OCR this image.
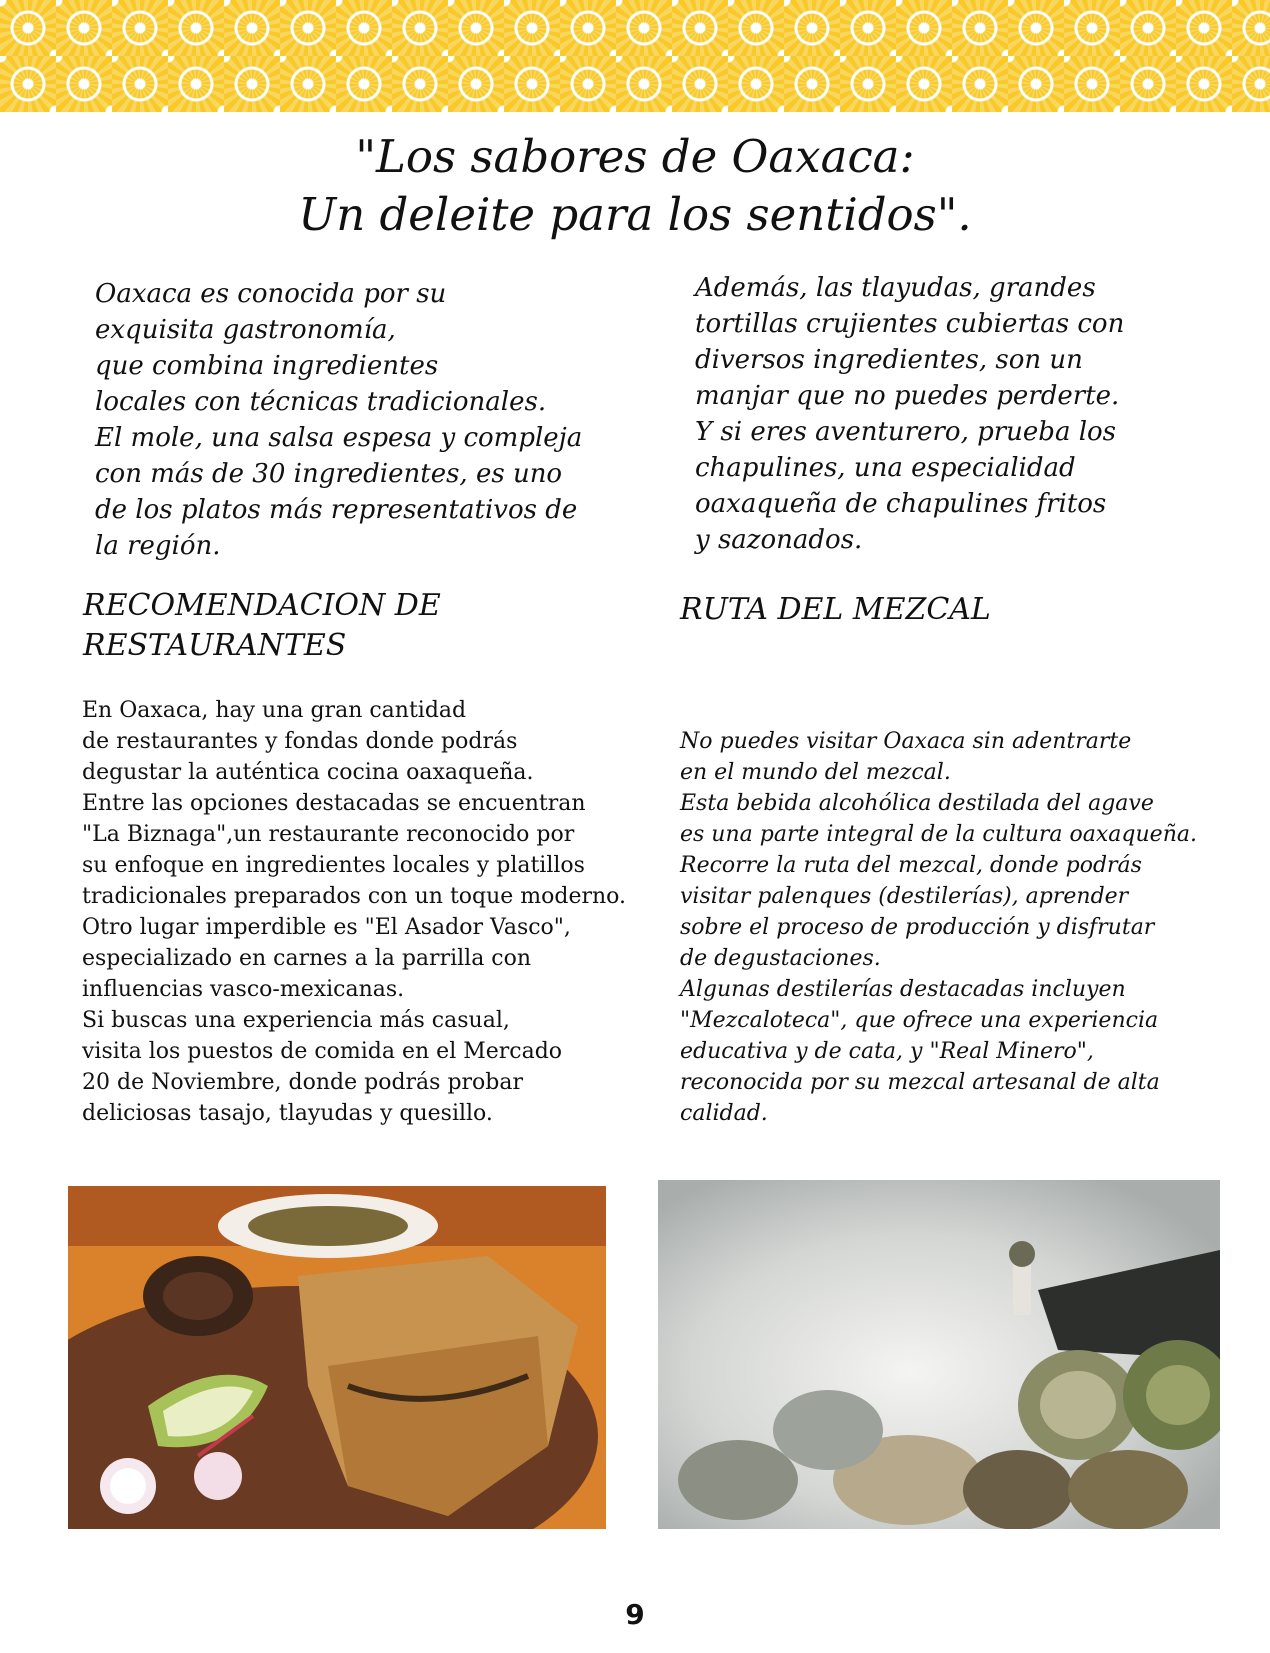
"Los sabores de Oaxaca:
Un deleite para los sentidos".

Oaxaca es conocida por su
exquisita gastronomía,
que combina ingredientes
locales con técnicas tradicionales.
El mole, una salsa espesa y compleja
con más de 30 ingredientes, es uno
de los platos más representativos de
la región.

Además, las tlayudas, grandes
tortillas crujientes cubiertas con
diversos ingredientes, son un
manjar que no puedes perderte.
Y si eres aventurero, prueba los
chapulines, una especialidad
oaxaqueña de chapulines fritos
y sazonados.

RECOMENDACION DE
RESTAURANTES
RUTA DEL MEZCAL

En Oaxaca, hay una gran cantidad
de restaurantes y fondas donde podrás
degustar la auténtica cocina oaxaqueña.
Entre las opciones destacadas se encuentran
"La Biznaga",un restaurante reconocido por
su enfoque en ingredientes locales y platillos
tradicionales preparados con un toque moderno.
Otro lugar imperdible es "El Asador Vasco",
especializado en carnes a la parrilla con
influencias vasco-mexicanas.
Si buscas una experiencia más casual,
visita los puestos de comida en el Mercado
20 de Noviembre, donde podrás probar
deliciosas tasajo, tlayudas y quesillo.

No puedes visitar Oaxaca sin adentrarte
en el mundo del mezcal.
Esta bebida alcohólica destilada del agave
es una parte integral de la cultura oaxaqueña.
Recorre la ruta del mezcal, donde podrás
visitar palenques (destilerías), aprender
sobre el proceso de producción y disfrutar
de degustaciones.
Algunas destilerías destacadas incluyen
"Mezcaloteca", que ofrece una experiencia
educativa y de cata, y "Real Minero",
reconocida por su mezcal artesanal de alta
calidad.

9
